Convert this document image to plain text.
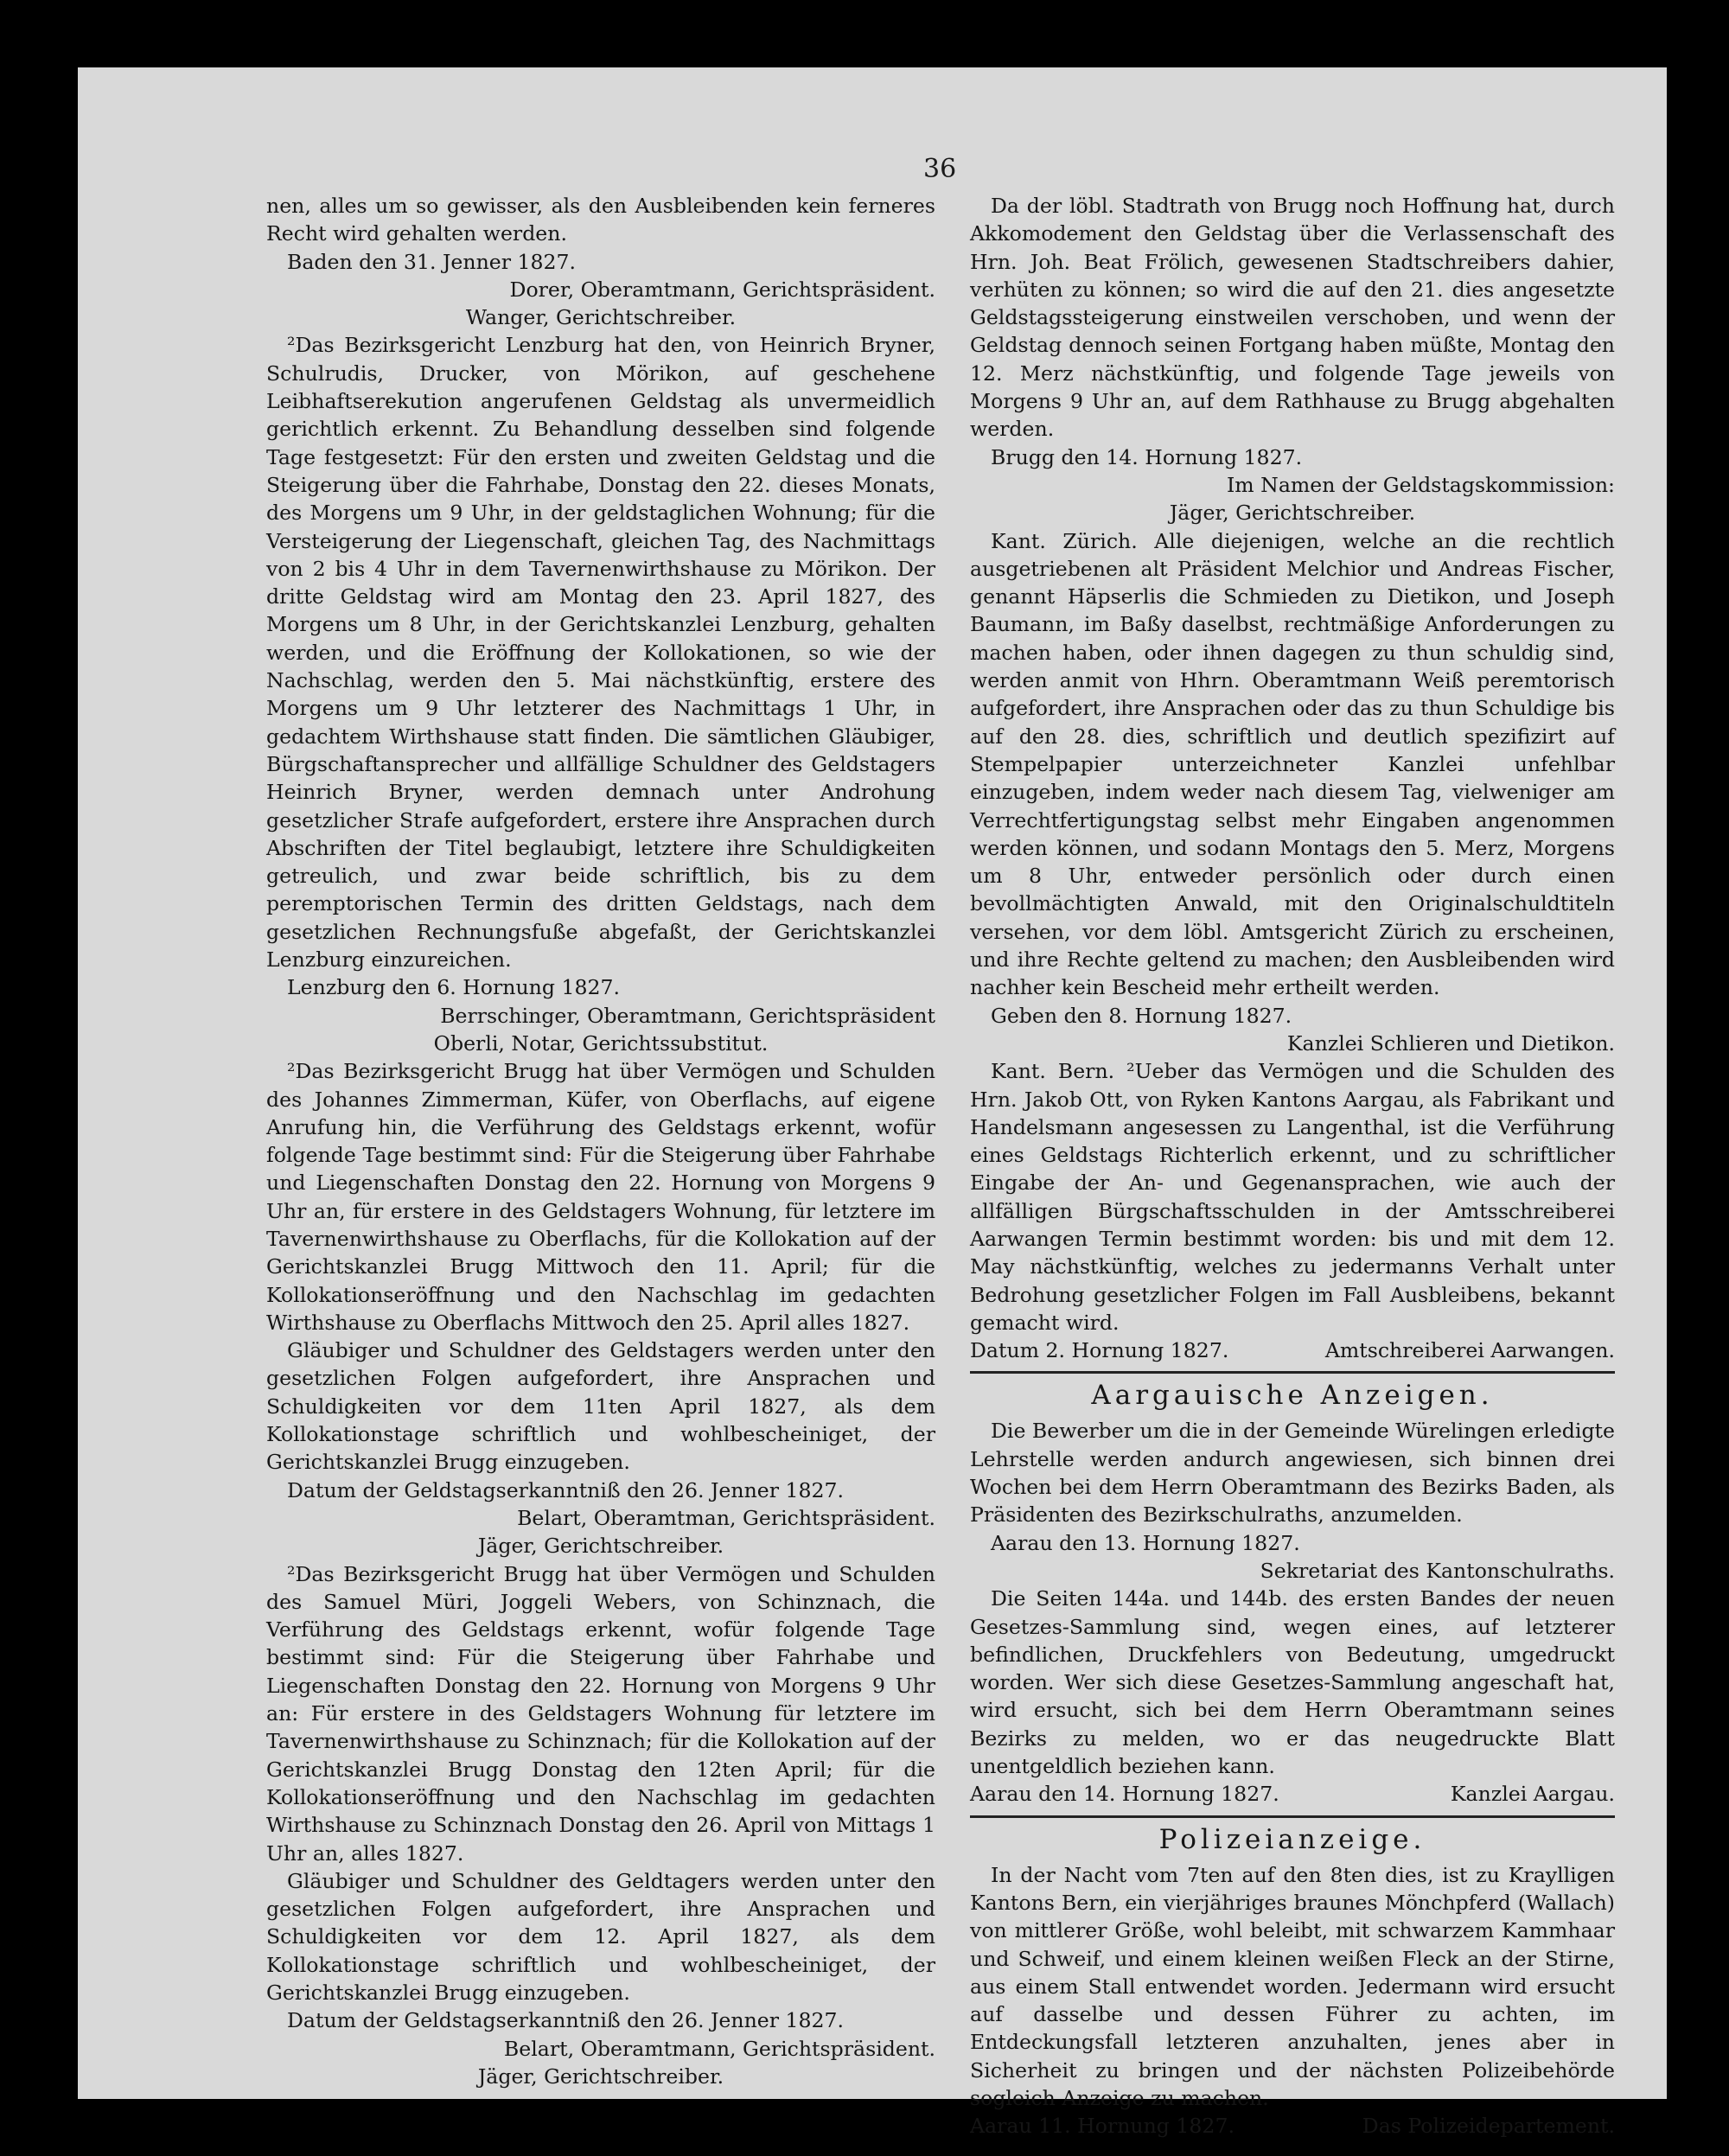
36

nen, alles um so gewisser, als den Ausbleibenden kein ferneres Recht wird gehalten werden.

Baden den 31. Jenner 1827.

Dorer, Oberamtmann, Gerichtspräsident.

Wanger, Gerichtschreiber.

²Das Bezirksgericht Lenzburg hat den, von Heinrich Bryner, Schulrudis, Drucker, von Mörikon, auf geschehene Leibhaftserekution angerufenen Geldstag als unvermeidlich gerichtlich erkennt. Zu Behandlung desselben sind folgende Tage festgesetzt: Für den ersten und zweiten Geldstag und die Steigerung über die Fahrhabe, Donstag den 22. dieses Monats, des Morgens um 9 Uhr, in der geldstaglichen Wohnung; für die Versteigerung der Liegenschaft, gleichen Tag, des Nachmittags von 2 bis 4 Uhr in dem Tavernenwirthshause zu Mörikon. Der dritte Geldstag wird am Montag den 23. April 1827, des Morgens um 8 Uhr, in der Gerichtskanzlei Lenzburg, gehalten werden, und die Eröffnung der Kollokationen, so wie der Nachschlag, werden den 5. Mai nächstkünftig, erstere des Morgens um 9 Uhr letzterer des Nachmittags 1 Uhr, in gedachtem Wirthshause statt finden. Die sämtlichen Gläubiger, Bürgschaftansprecher und allfällige Schuldner des Geldstagers Heinrich Bryner, werden demnach unter Androhung gesetzlicher Strafe aufgefordert, erstere ihre Ansprachen durch Abschriften der Titel beglaubigt, letztere ihre Schuldigkeiten getreulich, und zwar beide schriftlich, bis zu dem peremptorischen Termin des dritten Geldstags, nach dem gesetzlichen Rechnungsfuße abgefaßt, der Gerichtskanzlei Lenzburg einzureichen.

Lenzburg den 6. Hornung 1827.

Berrschinger, Oberamtmann, Gerichtspräsident

Oberli, Notar, Gerichtssubstitut.

²Das Bezirksgericht Brugg hat über Vermögen und Schulden des Johannes Zimmerman, Küfer, von Oberflachs, auf eigene Anrufung hin, die Verführung des Geldstags erkennt, wofür folgende Tage bestimmt sind: Für die Steigerung über Fahrhabe und Liegenschaften Donstag den 22. Hornung von Morgens 9 Uhr an, für erstere in des Geldstagers Wohnung, für letztere im Tavernenwirthshause zu Oberflachs, für die Kollokation auf der Gerichtskanzlei Brugg Mittwoch den 11. April; für die Kollokationseröffnung und den Nachschlag im gedachten Wirthshause zu Oberflachs Mittwoch den 25. April alles 1827.

Gläubiger und Schuldner des Geldstagers werden unter den gesetzlichen Folgen aufgefordert, ihre Ansprachen und Schuldigkeiten vor dem 11ten April 1827, als dem Kollokationstage schriftlich und wohlbescheiniget, der Gerichtskanzlei Brugg einzugeben.

Datum der Geldstagserkanntniß den 26. Jenner 1827.

Belart, Oberamtman, Gerichtspräsident.

Jäger, Gerichtschreiber.

²Das Bezirksgericht Brugg hat über Vermögen und Schulden des Samuel Müri, Joggeli Webers, von Schinznach, die Verführung des Geldstags erkennt, wofür folgende Tage bestimmt sind: Für die Steigerung über Fahrhabe und Liegenschaften Donstag den 22. Hornung von Morgens 9 Uhr an: Für erstere in des Geldstagers Wohnung für letztere im Tavernenwirthshause zu Schinznach; für die Kollokation auf der Gerichtskanzlei Brugg Donstag den 12ten April; für die Kollokationseröffnung und den Nachschlag im gedachten Wirthshause zu Schinznach Donstag den 26. April von Mittags 1 Uhr an, alles 1827.

Gläubiger und Schuldner des Geldtagers werden unter den gesetzlichen Folgen aufgefordert, ihre Ansprachen und Schuldigkeiten vor dem 12. April 1827, als dem Kollokationstage schriftlich und wohlbescheiniget, der Gerichtskanzlei Brugg einzugeben.

Datum der Geldstagserkanntniß den 26. Jenner 1827.

Belart, Oberamtmann, Gerichtspräsident.

Jäger, Gerichtschreiber.

Da der löbl. Stadtrath von Brugg noch Hoffnung hat, durch Akkomodement den Geldstag über die Verlassenschaft des Hrn. Joh. Beat Frölich, gewesenen Stadtschreibers dahier, verhüten zu können; so wird die auf den 21. dies angesetzte Geldstagssteigerung einstweilen verschoben, und wenn der Geldstag dennoch seinen Fortgang haben müßte, Montag den 12. Merz nächstkünftig, und folgende Tage jeweils von Morgens 9 Uhr an, auf dem Rathhause zu Brugg abgehalten werden.

Brugg den 14. Hornung 1827.

Im Namen der Geldstagskommission:

Jäger, Gerichtschreiber.

Kant. Zürich. Alle diejenigen, welche an die rechtlich ausgetriebenen alt Präsident Melchior und Andreas Fischer, genannt Häpserlis die Schmieden zu Dietikon, und Joseph Baumann, im Baßy daselbst, rechtmäßige Anforderungen zu machen haben, oder ihnen dagegen zu thun schuldig sind, werden anmit von Hhrn. Oberamtmann Weiß peremtorisch aufgefordert, ihre Ansprachen oder das zu thun Schuldige bis auf den 28. dies, schriftlich und deutlich spezifizirt auf Stempelpapier unterzeichneter Kanzlei unfehlbar einzugeben, indem weder nach diesem Tag, vielweniger am Verrechtfertigungstag selbst mehr Eingaben angenommen werden können, und sodann Montags den 5. Merz, Morgens um 8 Uhr, entweder persönlich oder durch einen bevollmächtigten Anwald, mit den Originalschuldtiteln versehen, vor dem löbl. Amtsgericht Zürich zu erscheinen, und ihre Rechte geltend zu machen; den Ausbleibenden wird nachher kein Bescheid mehr ertheilt werden.

Geben den 8. Hornung 1827.

Kanzlei Schlieren und Dietikon.

Kant. Bern. ²Ueber das Vermögen und die Schulden des Hrn. Jakob Ott, von Ryken Kantons Aargau, als Fabrikant und Handelsmann angesessen zu Langenthal, ist die Verführung eines Geldstags Richterlich erkennt, und zu schriftlicher Eingabe der An- und Gegenansprachen, wie auch der allfälligen Bürgschaftsschulden in der Amtsschreiberei Aarwangen Termin bestimmt worden: bis und mit dem 12. May nächstkünftig, welches zu jedermanns Verhalt unter Bedrohung gesetzlicher Folgen im Fall Ausbleibens, bekannt gemacht wird.

Datum 2. Hornung 1827.	Amtschreiberei Aarwangen.
Aargauische Anzeigen.

Die Bewerber um die in der Gemeinde Würelingen erledigte Lehrstelle werden andurch angewiesen, sich binnen drei Wochen bei dem Herrn Oberamtmann des Bezirks Baden, als Präsidenten des Bezirkschulraths, anzumelden.

Aarau den 13. Hornung 1827.

Sekretariat des Kantonschulraths.

Die Seiten 144a. und 144b. des ersten Bandes der neuen Gesetzes-Sammlung sind, wegen eines, auf letzterer befindlichen, Druckfehlers von Bedeutung, umgedruckt worden. Wer sich diese Gesetzes-Sammlung angeschaft hat, wird ersucht, sich bei dem Herrn Oberamtmann seines Bezirks zu melden, wo er das neugedruckte Blatt unentgeldlich beziehen kann.

Aarau den 14. Hornung 1827.	Kanzlei Aargau.
Polizeianzeige.

In der Nacht vom 7ten auf den 8ten dies, ist zu Kraylligen Kantons Bern, ein vierjähriges braunes Mönchpferd (Wallach) von mittlerer Größe, wohl beleibt, mit schwarzem Kammhaar und Schweif, und einem kleinen weißen Fleck an der Stirne, aus einem Stall entwendet worden. Jedermann wird ersucht auf dasselbe und dessen Führer zu achten, im Entdeckungsfall letzteren anzuhalten, jenes aber in Sicherheit zu bringen und der nächsten Polizeibehörde sogleich Anzeige zu machen.

Aarau 11. Hornung 1827.	Das Polizeidepartement.
